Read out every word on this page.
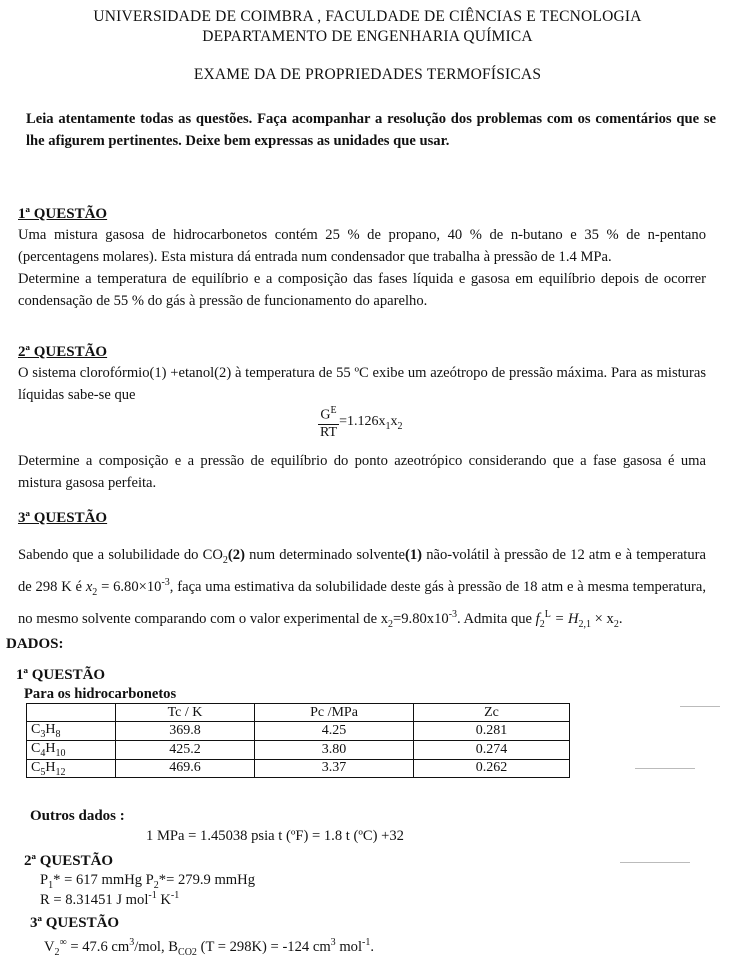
UNIVERSIDADE DE COIMBRA , FACULDADE DE CIÊNCIAS E TECNOLOGIA
DEPARTAMENTO DE ENGENHARIA QUÍMICA
EXAME DA DE PROPRIEDADES TERMOFÍSICAS
Leia atentamente todas as questões. Faça acompanhar a resolução dos problemas com os comentários que se lhe afigurem pertinentes. Deixe bem expressas as unidades que usar.
1ª QUESTÃO
Uma mistura gasosa de hidrocarbonetos contém 25 % de propano, 40 % de n-butano e 35 % de n-pentano (percentagens molares). Esta mistura dá entrada num condensador que trabalha à pressão de 1.4 MPa.
Determine a temperatura de equilíbrio e a composição das fases líquida e gasosa em equilíbrio depois de ocorrer condensação de 55 % do gás à pressão de funcionamento do aparelho.
2ª QUESTÃO
O sistema clorofórmio(1) +etanol(2) à temperatura de 55 ºC exibe um azeótropo de pressão máxima. Para as misturas líquidas sabe-se que
$\frac{G^E}{RT} =1.126x_1x_2$
Determine a composição e a pressão de equilíbrio do ponto azeotrópico considerando que a fase gasosa é uma mistura gasosa perfeita.
3ª QUESTÃO
Sabendo que a solubilidade do $CO_2(2)$ num determinado solvente(1) não-volátil à pressão de 12 atm e à temperatura de 298 K é $x_2 = 6.80\times 10^{-3}$, faça uma estimativa da solubilidade deste gás à pressão de 18 atm e à mesma temperatura, no mesmo solvente comparando com o valor experimental de $x_2=9.80x10^{-3}$. Admita que $f_2^L = H_{2,1} \times x_2$.
DADOS:
1ª QUESTÃO
Para os hidrocarbonetos
	Tc / K	Pc /MPa	Zc
$C_3H_8$	369.8	4.25	0.281
$C_4H_{10}$	425.2	3.80	0.274
$C_5H_{12}$	469.6	3.37	0.262
Outros dados :
1 MPa = 1.45038 psia t (ºF) = 1.8 t (ºC) +32
2ª QUESTÃO
$P_1* = 617$ mmHg $P_2*= 279.9$ mmHg
R = 8.31451 J mol$^{-1}$ $K^{-1}$
3ª QUESTÃO
$V_2^\infty = 47.6$ $cm^3$/mol, $B_{CO2}$ (T = 298K) = -124 $cm^3$ mol$^{-1}$.
